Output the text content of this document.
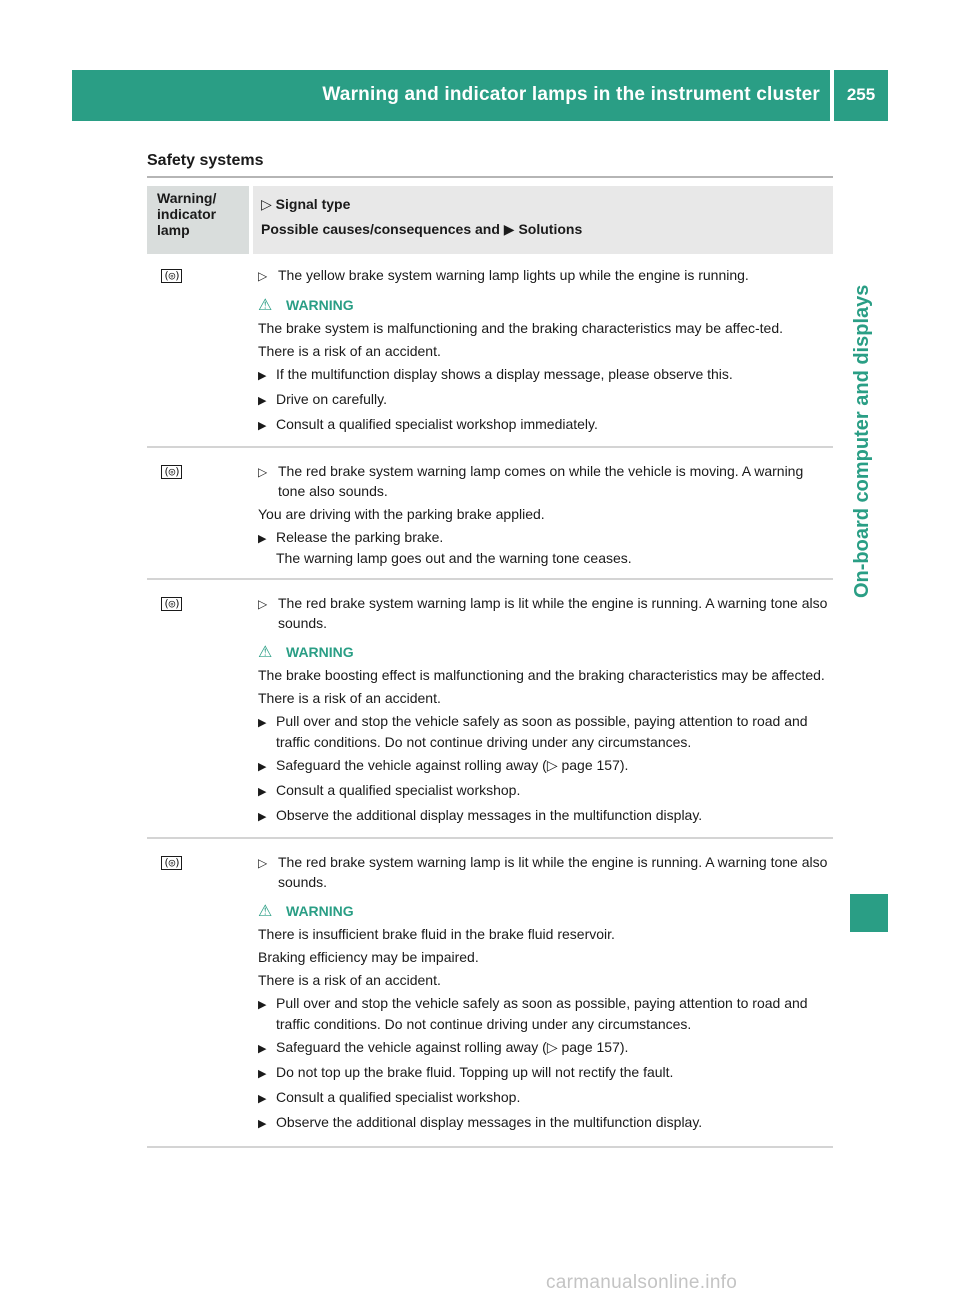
Warning and indicator lamps in the instrument cluster	255
On-board computer and displays
Safety systems
Warning/
indicator
lamp
▷ Signal type
Possible causes/consequences and ▶ Solutions
(◎)	▷ The yellow brake system warning lamp lights up while the engine is running.

⚠ WARNING

The brake system is malfunctioning and the braking characteristics may be affec-ted.

There is a risk of an accident.

▶ If the multifunction display shows a display message, please observe this.

▶ Drive on carefully.

▶ Consult a qualified specialist workshop immediately.

(◎)	▷ The red brake system warning lamp comes on while the vehicle is moving. A warning tone also sounds.

You are driving with the parking brake applied.

▶ Release the parking brake.

The warning lamp goes out and the warning tone ceases.

(◎)	▷ The red brake system warning lamp is lit while the engine is running. A warning tone also sounds.

⚠ WARNING

The brake boosting effect is malfunctioning and the braking characteristics may be affected.

There is a risk of an accident.

▶ Pull over and stop the vehicle safely as soon as possible, paying attention to road and traffic conditions. Do not continue driving under any circumstances.

▶ Safeguard the vehicle against rolling away (▷ page 157).

▶ Consult a qualified specialist workshop.

▶ Observe the additional display messages in the multifunction display.

(◎)	▷ The red brake system warning lamp is lit while the engine is running. A warning tone also sounds.

⚠ WARNING

There is insufficient brake fluid in the brake fluid reservoir.

Braking efficiency may be impaired.

There is a risk of an accident.

▶ Pull over and stop the vehicle safely as soon as possible, paying attention to road and traffic conditions. Do not continue driving under any circumstances.

▶ Safeguard the vehicle against rolling away (▷ page 157).

▶ Do not top up the brake fluid. Topping up will not rectify the fault.

▶ Consult a qualified specialist workshop.

▶ Observe the additional display messages in the multifunction display.

carmanualsonline.info
